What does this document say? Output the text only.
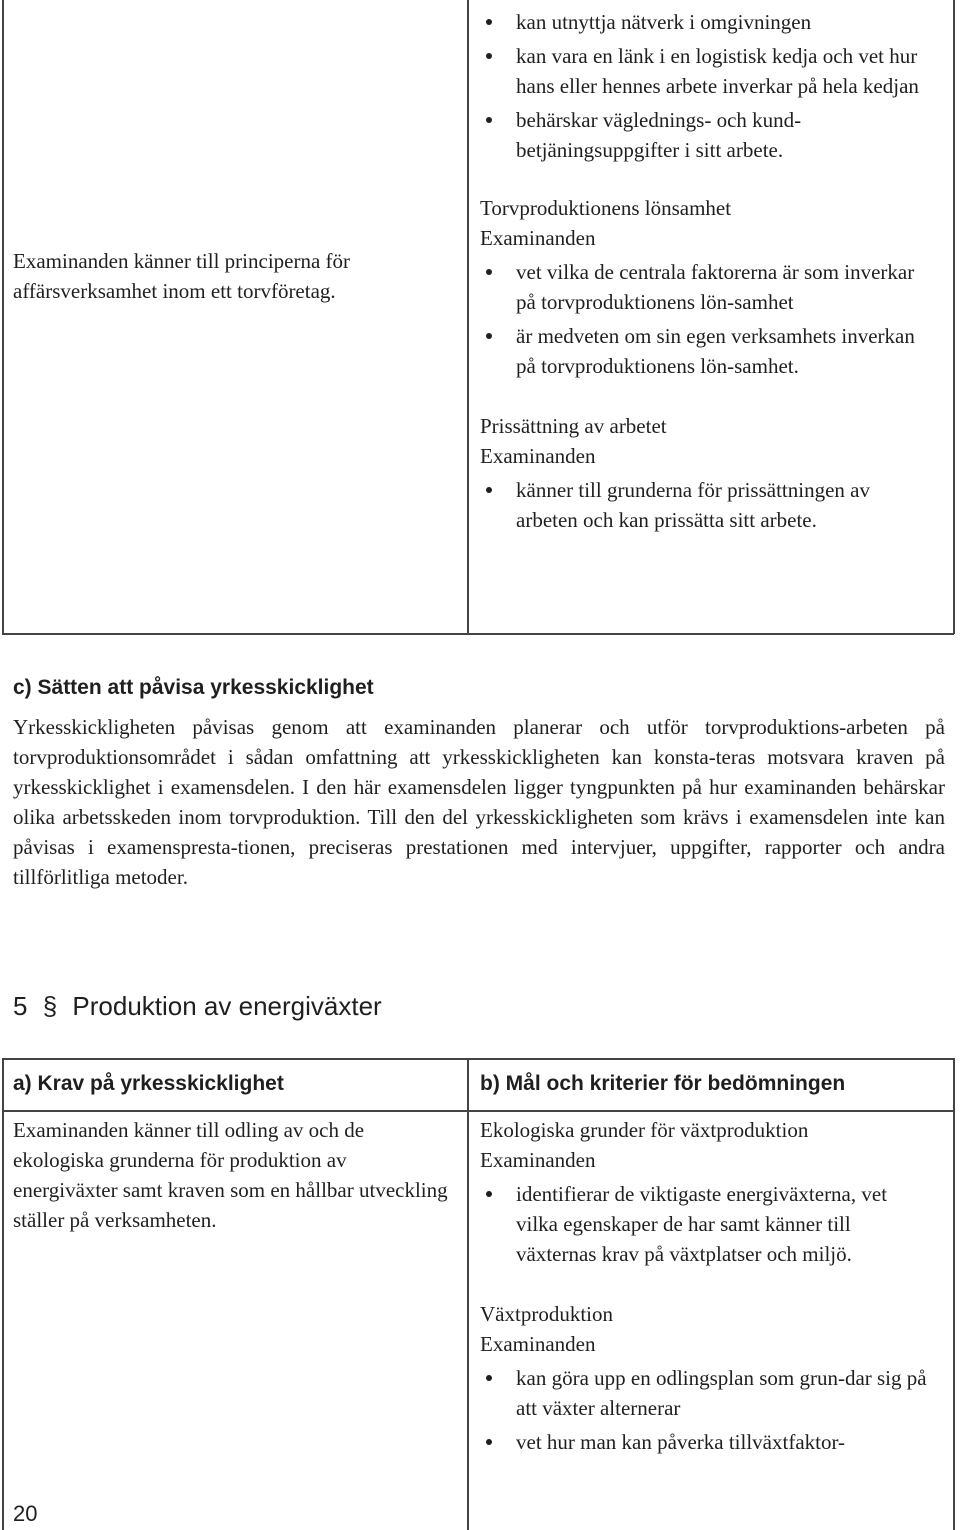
Examinanden känner till principerna för affärsverksamhet inom ett torvföretag.
kan utnyttja nätverk i omgivningen
kan vara en länk i en logistisk kedja och vet hur hans eller hennes arbete inverkar på hela kedjan
behärskar väglednings- och kund-betjäningsuppgifter i sitt arbete.
Torvproduktionens lönsamhet
Examinanden
vet vilka de centrala faktorerna är som inverkar på torvproduktionens lön-samhet
är medveten om sin egen verksamhets inverkan på torvproduktionens lön-samhet.
Prissättning av arbetet
Examinanden
känner till grunderna för prissättningen av arbeten och kan prissätta sitt arbete.
c) Sätten att påvisa yrkesskicklighet
Yrkesskickligheten påvisas genom att examinanden planerar och utför torvproduktions-arbeten på torvproduktionsområdet i sådan omfattning att yrkesskickligheten kan konsta-teras motsvara kraven på yrkesskicklighet i examensdelen. I den här examensdelen ligger tyngpunkten på hur examinanden behärskar olika arbetsskeden inom torvproduktion. Till den del yrkesskickligheten som krävs i examensdelen inte kan påvisas i examenspresta-tionen, preciseras prestationen med intervjuer, uppgifter, rapporter och andra tillförlitliga metoder.
5 § Produktion av energiväxter
a) Krav på yrkesskicklighet	b) Mål och kriterier för bedömningen
Examinanden känner till odling av och de ekologiska grunderna för produktion av energiväxter samt kraven som en hållbar utveckling ställer på verksamheten.
Ekologiska grunder för växtproduktion
Examinanden
identifierar de viktigaste energiväxterna, vet vilka egenskaper de har samt känner till växternas krav på växtplatser och miljö.
Växtproduktion
Examinanden
kan göra upp en odlingsplan som grun-dar sig på att växter alternerar
vet hur man kan påverka tillväxtfaktor-
20
